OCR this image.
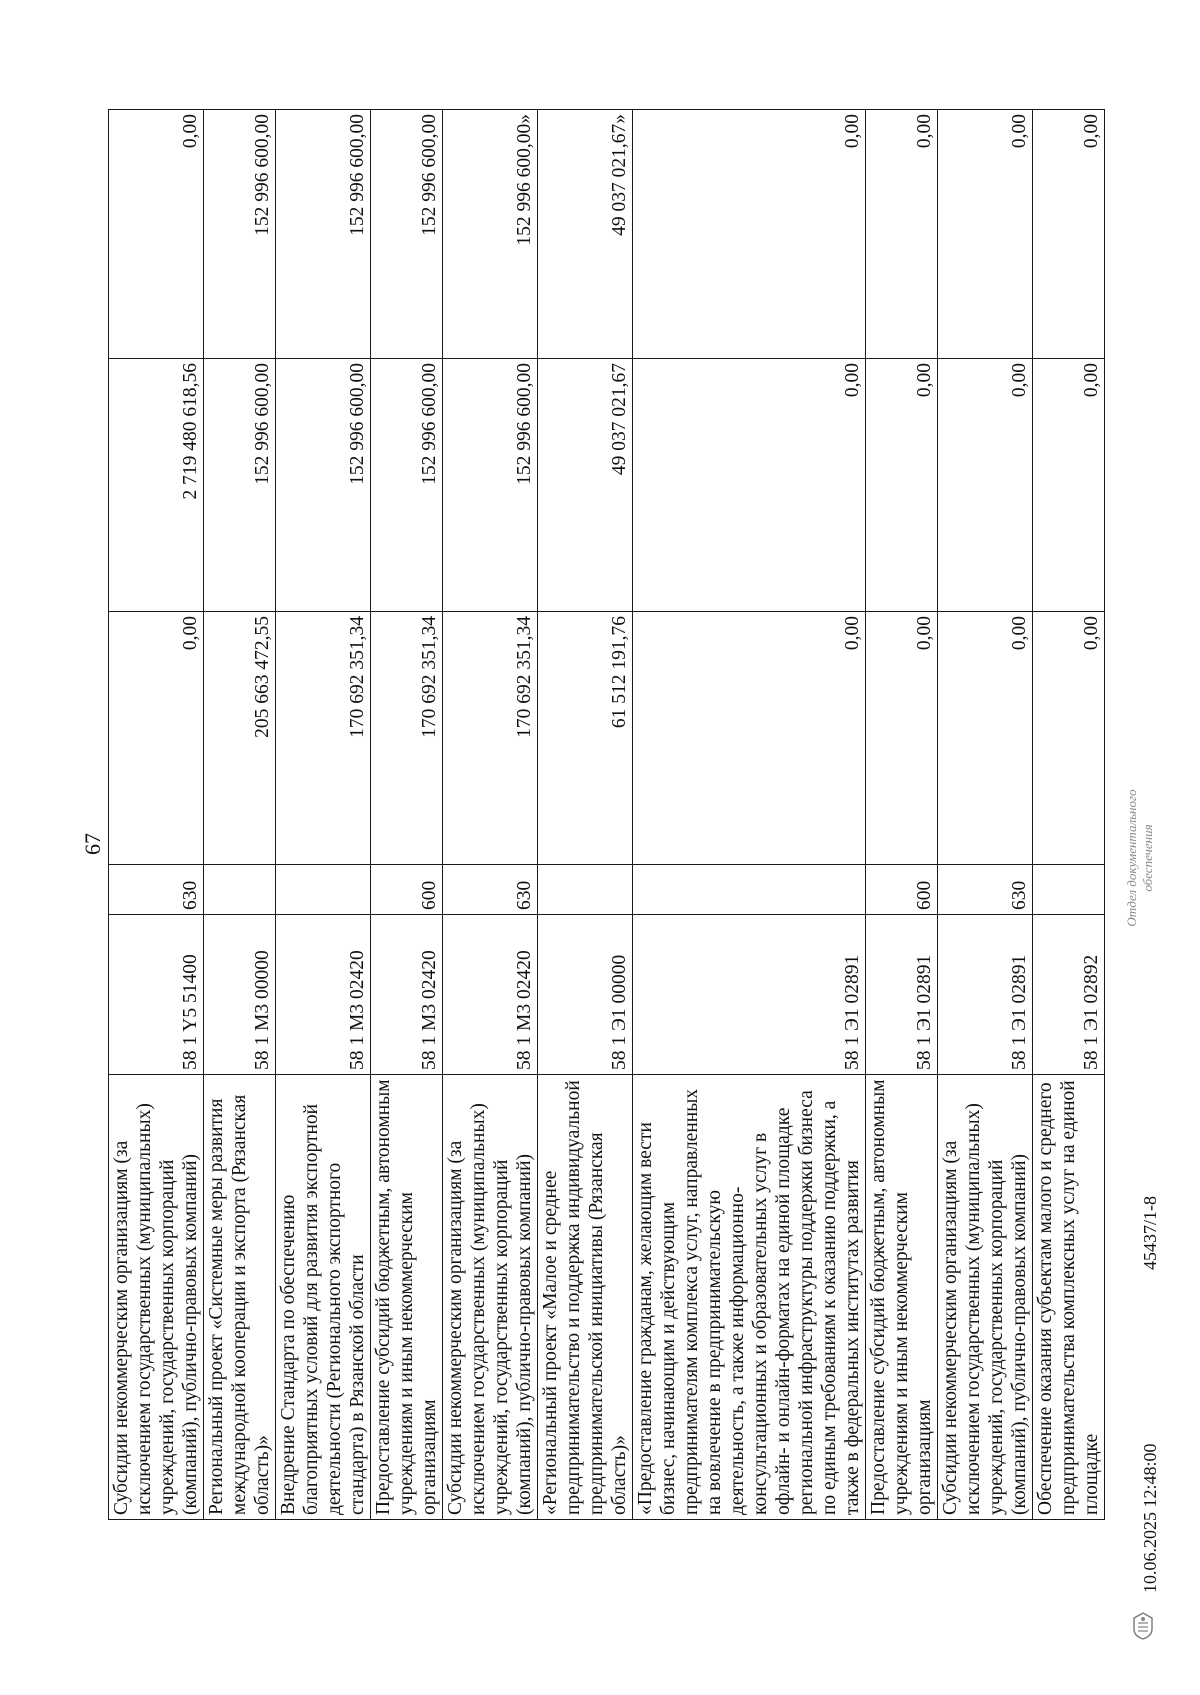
67
Субсидии некоммерческим организациям (за исключением государственных (муниципальных) учреждений, государственных корпораций (компаний), публично-правовых компаний)	58 1 Y5 51400	630	0,00	2 719 480 618,56	0,00
Региональный проект «Системные меры развития международной кооперации и экспорта (Рязанская область)»	58 1 M3 00000		205 663 472,55	152 996 600,00	152 996 600,00
Внедрение Стандарта по обеспечению благоприятных условий для развития экспортной деятельности (Регионального экспортного стандарта) в Рязанской области	58 1 M3 02420		170 692 351,34	152 996 600,00	152 996 600,00
Предоставление субсидий бюджетным, автономным учреждениям и иным некоммерческим организациям	58 1 M3 02420	600	170 692 351,34	152 996 600,00	152 996 600,00
Субсидии некоммерческим организациям (за исключением государственных (муниципальных) учреждений, государственных корпораций (компаний), публично-правовых компаний)	58 1 M3 02420	630	170 692 351,34	152 996 600,00	152 996 600,00»
«Региональный проект «Малое и среднее предпринимательство и поддержка индивидуальной предпринимательской инициативы (Рязанская область)»	58 1 Э1 00000		61 512 191,76	49 037 021,67	49 037 021,67»
«Предоставление гражданам, желающим вести бизнес, начинающим и действующим предпринимателям комплекса услуг, направленных на вовлечение в предпринимательскую деятельность, а также информационно-консультационных и образовательных услуг в офлайн- и онлайн-форматах на единой площадке региональной инфраструктуры поддержки бизнеса по единым требованиям к оказанию поддержки, а также в федеральных институтах развития	58 1 Э1 02891		0,00	0,00	0,00
Предоставление субсидий бюджетным, автономным учреждениям и иным некоммерческим организациям	58 1 Э1 02891	600	0,00	0,00	0,00
Субсидии некоммерческим организациям (за исключением государственных (муниципальных) учреждений, государственных корпораций (компаний), публично-правовых компаний)	58 1 Э1 02891	630	0,00	0,00	0,00
Обеспечение оказания субъектам малого и среднего предпринимательства комплексных услуг на единой площадке	58 1 Э1 02892		0,00	0,00	0,00
10.06.2025 12:48:00
45437/1-8
Отдел документального обеспечения
